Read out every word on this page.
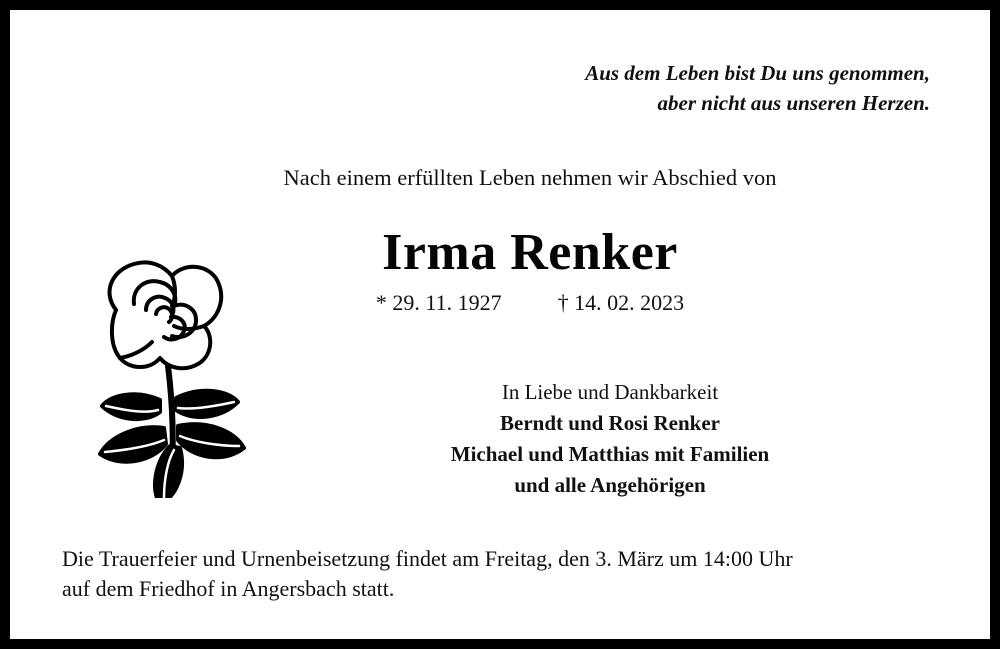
Aus dem Leben bist Du uns genommen,
aber nicht aus unseren Herzen.
Nach einem erfüllten Leben nehmen wir Abschied von
Irma Renker
* 29. 11. 1927	† 14. 02. 2023
In Liebe und Dankbarkeit
Berndt und Rosi Renker
Michael und Matthias mit Familien
und alle Angehörigen
Die Trauerfeier und Urnenbeisetzung findet am Freitag, den 3. März um 14:00 Uhr
auf dem Friedhof in Angersbach statt.
